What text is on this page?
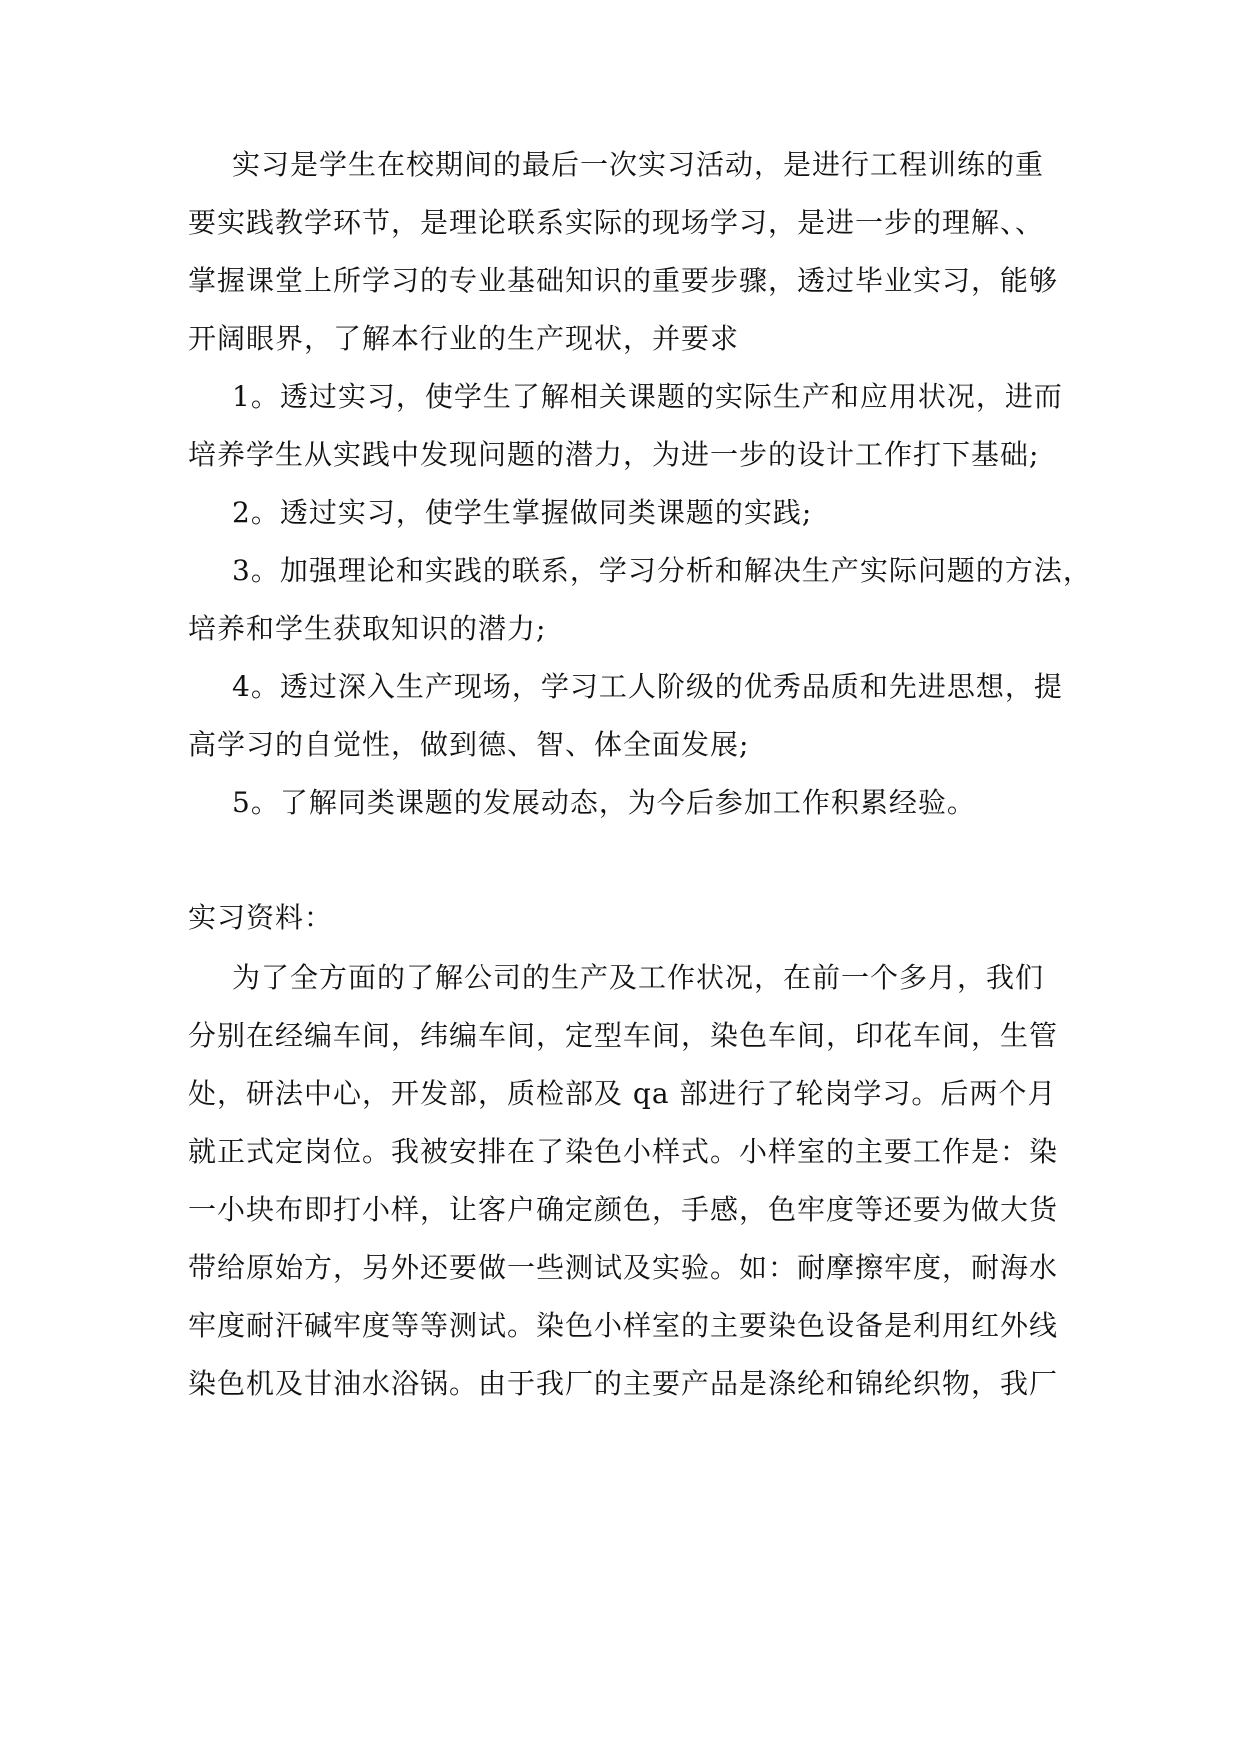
实习是学生在校期间的最后一次实习活动，是进行工程训练的重
要实践教学环节，是理论联系实际的现场学习，是进一步的理解、、
掌握课堂上所学习的专业基础知识的重要步骤，透过毕业实习，能够
开阔眼界，了解本行业的生产现状，并要求
1。透过实习，使学生了解相关课题的实际生产和应用状况，进而
培养学生从实践中发现问题的潜力，为进一步的设计工作打下基础;
2。透过实习，使学生掌握做同类课题的实践;
3。加强理论和实践的联系，学习分析和解决生产实际问题的方法，
培养和学生获取知识的潜力;
4。透过深入生产现场，学习工人阶级的优秀品质和先进思想，提
高学习的自觉性，做到德、智、体全面发展;
5。了解同类课题的发展动态，为今后参加工作积累经验。
实习资料：
为了全方面的了解公司的生产及工作状况，在前一个多月，我们
分别在经编车间，纬编车间，定型车间，染色车间，印花车间，生管
处，研法中心，开发部，质检部及 qa 部进行了轮岗学习。后两个月
就正式定岗位。我被安排在了染色小样式。小样室的主要工作是：染
一小块布即打小样，让客户确定颜色，手感，色牢度等还要为做大货
带给原始方，另外还要做一些测试及实验。如：耐摩擦牢度，耐海水
牢度耐汗碱牢度等等测试。染色小样室的主要染色设备是利用红外线
染色机及甘油水浴锅。由于我厂的主要产品是涤纶和锦纶织物，我厂
